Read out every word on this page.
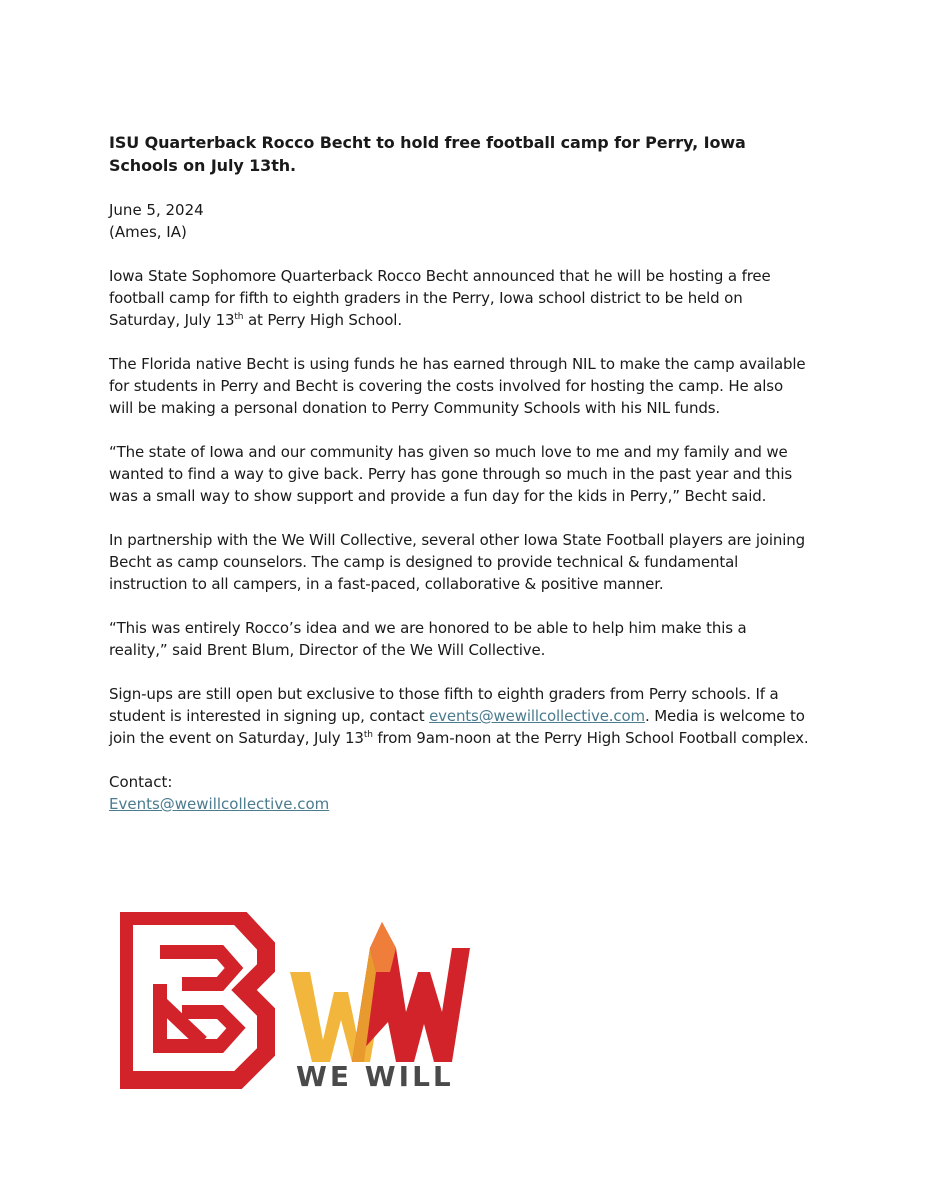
ISU Quarterback Rocco Becht to hold free football camp for Perry, Iowa Schools on July 13th.
June 5, 2024
(Ames, IA)

Iowa State Sophomore Quarterback Rocco Becht announced that he will be hosting a free football camp for fifth to eighth graders in the Perry, Iowa school district to be held on Saturday, July 13th at Perry High School.

The Florida native Becht is using funds he has earned through NIL to make the camp available for students in Perry and Becht is covering the costs involved for hosting the camp. He also will be making a personal donation to Perry Community Schools with his NIL funds.

“The state of Iowa and our community has given so much love to me and my family and we wanted to find a way to give back. Perry has gone through so much in the past year and this was a small way to show support and provide a fun day for the kids in Perry,” Becht said.

In partnership with the We Will Collective, several other Iowa State Football players are joining Becht as camp counselors. The camp is designed to provide technical & fundamental instruction to all campers, in a fast-paced, collaborative & positive manner.

“This was entirely Rocco’s idea and we are honored to be able to help him make this a reality,” said Brent Blum, Director of the We Will Collective.

Sign-ups are still open but exclusive to those fifth to eighth graders from Perry schools. If a student is interested in signing up, contact events@wewillcollective.com. Media is welcome to join the event on Saturday, July 13th from 9am-noon at the Perry High School Football complex.

Contact:
Events@wewillcollective.com
WE WILL
